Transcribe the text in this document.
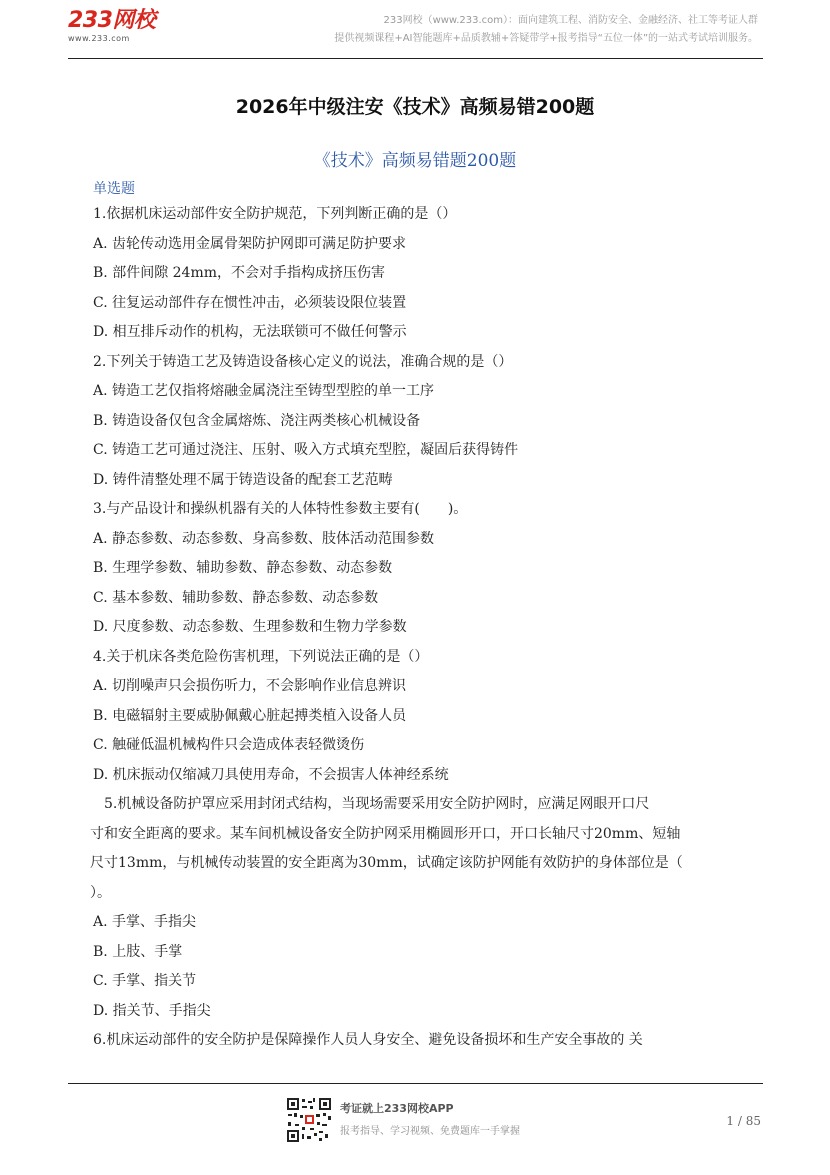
233网校
www.233.com
233网校（www.233.com）：面向建筑工程、消防安全、金融经济、社工等考证人群
提供视频课程+AI智能题库+品质教辅+答疑带学+报考指导“五位一体”的一站式考试培训服务。
2026年中级注安《技术》高频易错200题
《技术》高频易错题200题
单选题
1.依据机床运动部件安全防护规范，下列判断正确的是（）
A. 齿轮传动选用金属骨架防护网即可满足防护要求
B. 部件间隙 24mm，不会对手指构成挤压伤害
C. 往复运动部件存在惯性冲击，必须装设限位装置
D. 相互排斥动作的机构，无法联锁可不做任何警示
2.下列关于铸造工艺及铸造设备核心定义的说法，准确合规的是（）
A. 铸造工艺仅指将熔融金属浇注至铸型型腔的单一工序
B. 铸造设备仅包含金属熔炼、浇注两类核心机械设备
C. 铸造工艺可通过浇注、压射、吸入方式填充型腔，凝固后获得铸件
D. 铸件清整处理不属于铸造设备的配套工艺范畴
3.与产品设计和操纵机器有关的人体特性参数主要有(　　)。
A. 静态参数、动态参数、身高参数、肢体活动范围参数
B. 生理学参数、辅助参数、静态参数、动态参数
C. 基本参数、辅助参数、静态参数、动态参数
D. 尺度参数、动态参数、生理参数和生物力学参数
4.关于机床各类危险伤害机理，下列说法正确的是（）
A. 切削噪声只会损伤听力，不会影响作业信息辨识
B. 电磁辐射主要威胁佩戴心脏起搏类植入设备人员
C. 触碰低温机械构件只会造成体表轻微烫伤
D. 机床振动仅缩减刀具使用寿命，不会损害人体神经系统
　5.机械设备防护罩应采用封闭式结构，当现场需要采用安全防护网时，应满足网眼开口尺
寸和安全距离的要求。某车间机械设备安全防护网采用椭圆形开口，开口长轴尺寸20mm、短轴
尺寸13mm，与机械传动装置的安全距离为30mm，试确定该防护网能有效防护的身体部位是（
）。
A. 手掌、手指尖
B. 上肢、手掌
C. 手掌、指关节
D. 指关节、手指尖
6.机床运动部件的安全防护是保障操作人员人身安全、避免设备损坏和生产安全事故的 关
考证就上233网校APP
报考指导、学习视频、免费题库一手掌握
1 / 85
